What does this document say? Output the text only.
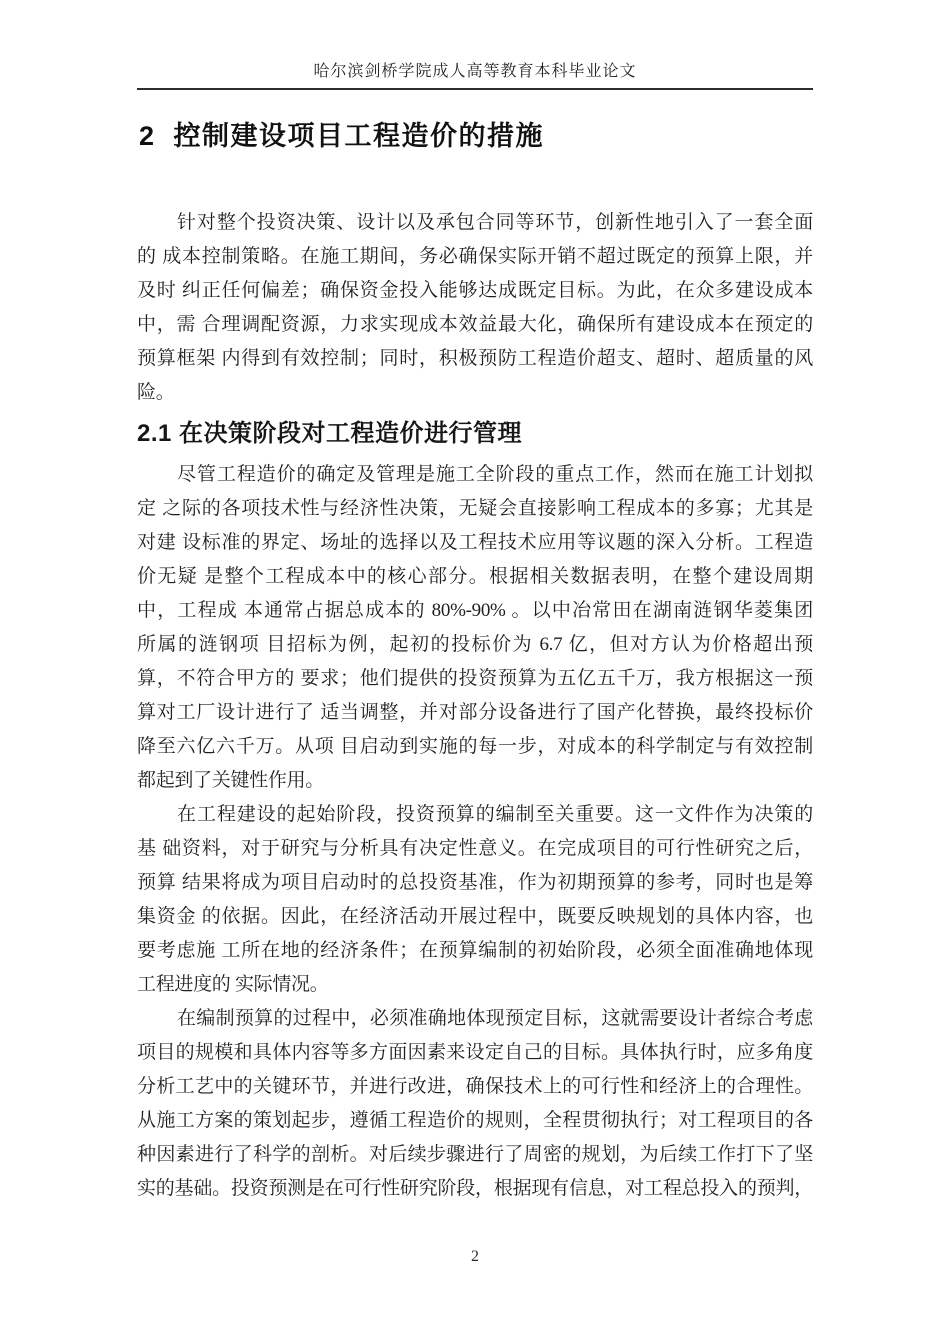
哈尔滨剑桥学院成人高等教育本科毕业论文
2  控制建设项目工程造价的措施
针对整个投资决策、设计以及承包合同等环节，创新性地引入了一套全面
的 成本控制策略。在施工期间，务必确保实际开销不超过既定的预算上限，并
及时 纠正任何偏差；确保资金投入能够达成既定目标。为此，在众多建设成本
中，需 合理调配资源，力求实现成本效益最大化，确保所有建设成本在预定的
预算框架 内得到有效控制；同时，积极预防工程造价超支、超时、超质量的风
险。
2.1 在决策阶段对工程造价进行管理
尽管工程造价的确定及管理是施工全阶段的重点工作，然而在施工计划拟
定 之际的各项技术性与经济性决策，无疑会直接影响工程成本的多寡；尤其是
对建 设标准的界定、场址的选择以及工程技术应用等议题的深入分析。工程造
价无疑 是整个工程成本中的核心部分。根据相关数据表明，在整个建设周期
中，工程成 本通常占据总成本的 80%-90% 。以中冶常田在湖南涟钢华菱集团
所属的涟钢项 目招标为例，起初的投标价为 6.7 亿，但对方认为价格超出预
算，不符合甲方的 要求；他们提供的投资预算为五亿五千万，我方根据这一预
算对工厂设计进行了 适当调整，并对部分设备进行了国产化替换，最终投标价
降至六亿六千万。从项 目启动到实施的每一步，对成本的科学制定与有效控制
都起到了关键性作用。
在工程建设的起始阶段，投资预算的编制至关重要。这一文件作为决策的
基 础资料，对于研究与分析具有决定性意义。在完成项目的可行性研究之后，
预算 结果将成为项目启动时的总投资基准，作为初期预算的参考，同时也是筹
集资金 的依据。因此，在经济活动开展过程中，既要反映规划的具体内容，也
要考虑施 工所在地的经济条件；在预算编制的初始阶段，必须全面准确地体现
工程进度的 实际情况。
在编制预算的过程中，必须准确地体现预定目标，这就需要设计者综合考虑
项目的规模和具体内容等多方面因素来设定自己的目标。具体执行时，应多角度
分析工艺中的关键环节，并进行改进，确保技术上的可行性和经济上的合理性。
从施工方案的策划起步，遵循工程造价的规则，全程贯彻执行；对工程项目的各
种因素进行了科学的剖析。对后续步骤进行了周密的规划，为后续工作打下了坚
实的基础。投资预测是在可行性研究阶段，根据现有信息，对工程总投入的预判，
2
